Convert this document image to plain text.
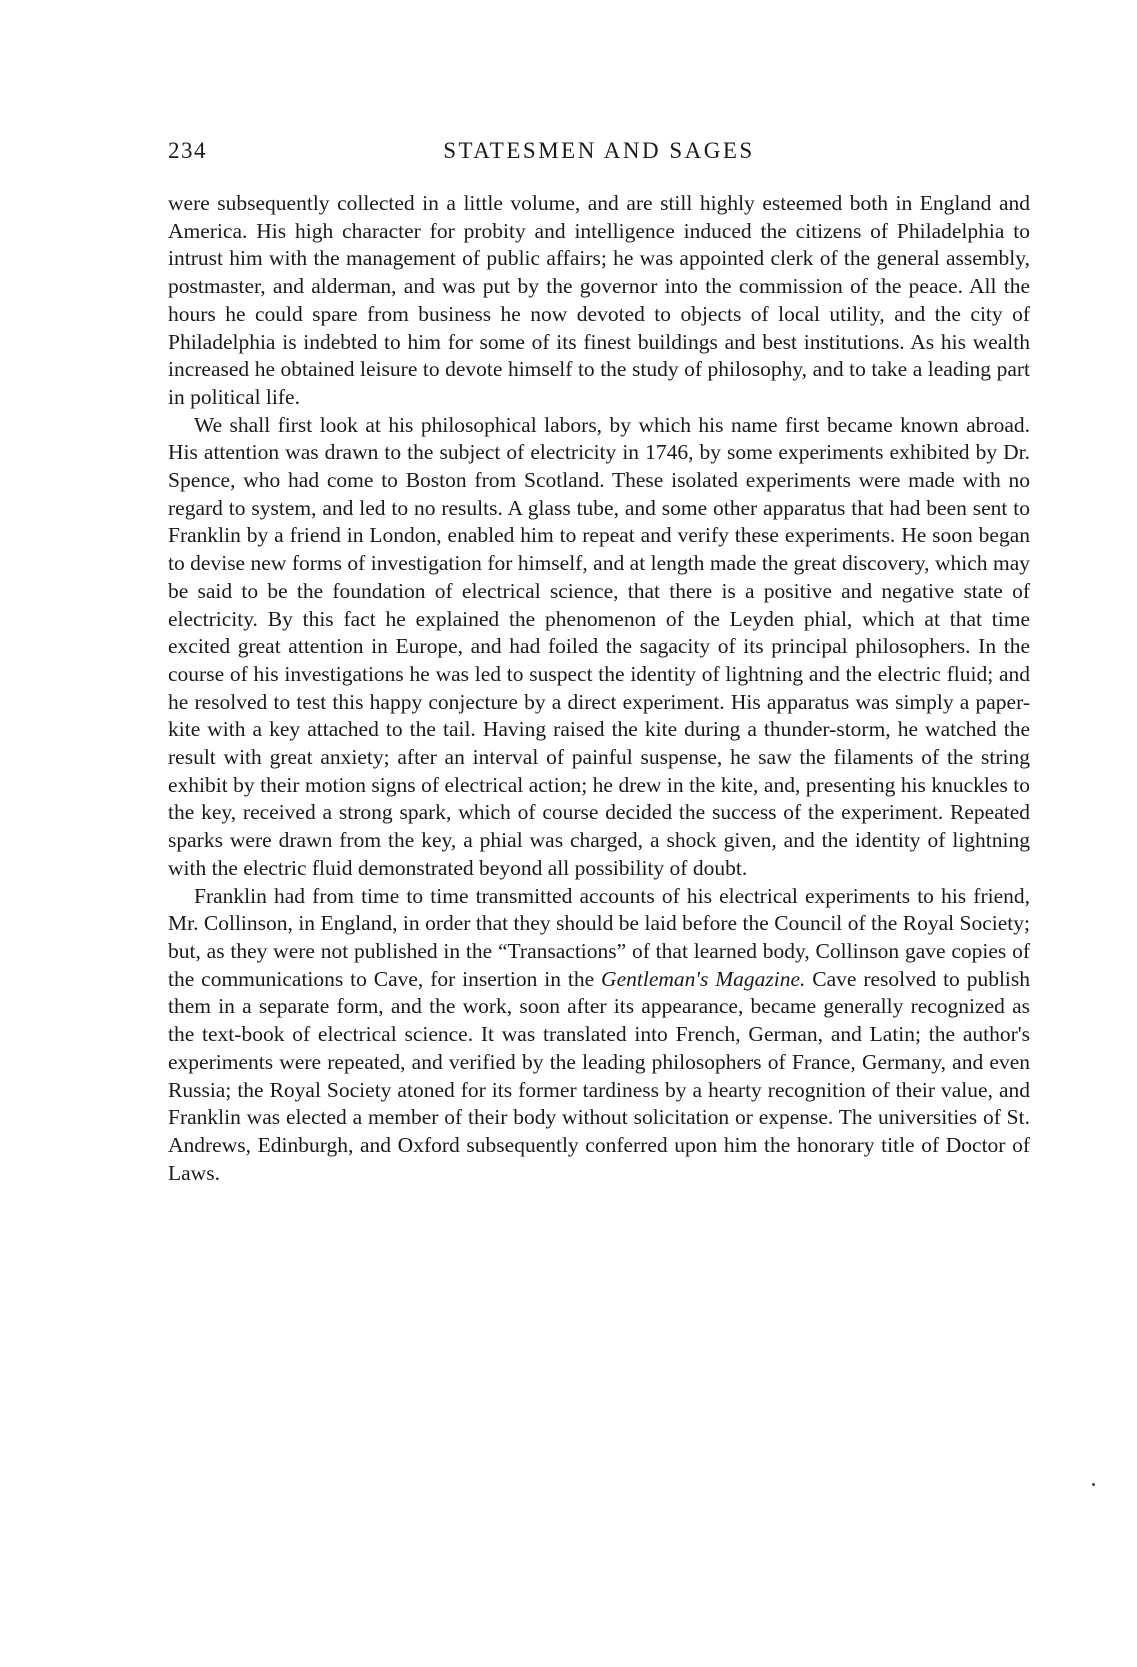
234	STATESMEN AND SAGES

were subsequently collected in a little volume, and are still highly esteemed both in England and America. His high character for probity and intelligence induced the citizens of Philadelphia to intrust him with the management of public affairs; he was appointed clerk of the general assembly, postmaster, and alderman, and was put by the governor into the commission of the peace. All the hours he could spare from business he now devoted to objects of local utility, and the city of Philadelphia is indebted to him for some of its finest buildings and best institutions. As his wealth increased he obtained leisure to devote himself to the study of philosophy, and to take a leading part in political life.

We shall first look at his philosophical labors, by which his name first became known abroad. His attention was drawn to the subject of electricity in 1746, by some experiments exhibited by Dr. Spence, who had come to Boston from Scotland. These isolated experiments were made with no regard to system, and led to no results. A glass tube, and some other apparatus that had been sent to Franklin by a friend in London, enabled him to repeat and verify these experiments. He soon began to devise new forms of investigation for himself, and at length made the great discovery, which may be said to be the foundation of electrical science, that there is a positive and negative state of electricity. By this fact he explained the phenomenon of the Leyden phial, which at that time excited great attention in Europe, and had foiled the sagacity of its principal philosophers. In the course of his investigations he was led to suspect the identity of lightning and the electric fluid; and he resolved to test this happy conjecture by a direct experiment. His apparatus was simply a paper-kite with a key attached to the tail. Having raised the kite during a thunder-storm, he watched the result with great anxiety; after an interval of painful suspense, he saw the filaments of the string exhibit by their motion signs of electrical action; he drew in the kite, and, presenting his knuckles to the key, received a strong spark, which of course decided the success of the experiment. Repeated sparks were drawn from the key, a phial was charged, a shock given, and the identity of lightning with the electric fluid demonstrated beyond all possibility of doubt.

Franklin had from time to time transmitted accounts of his electrical experiments to his friend, Mr. Collinson, in England, in order that they should be laid before the Council of the Royal Society; but, as they were not published in the “Transactions” of that learned body, Collinson gave copies of the communications to Cave, for insertion in the Gentleman's Magazine. Cave resolved to publish them in a separate form, and the work, soon after its appearance, became generally recognized as the text-book of electrical science. It was translated into French, German, and Latin; the author's experiments were repeated, and verified by the leading philosophers of France, Germany, and even Russia; the Royal Society atoned for its former tardiness by a hearty recognition of their value, and Franklin was elected a member of their body without solicitation or expense. The universities of St. Andrews, Edinburgh, and Oxford subsequently conferred upon him the honorary title of Doctor of Laws.
